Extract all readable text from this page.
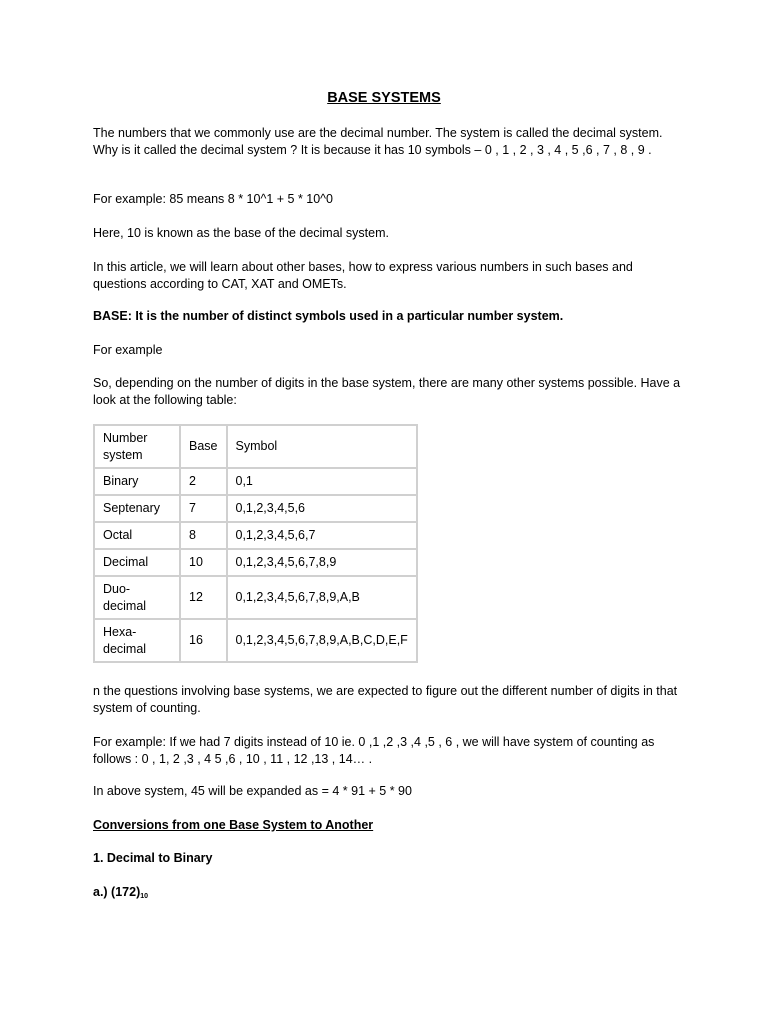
BASE SYSTEMS

The numbers that we commonly use are the decimal number. The system is called the decimal system. Why is it called the decimal system ? It is because it has 10 symbols – 0 , 1 , 2 , 3 , 4 , 5 ,6 , 7 , 8 , 9 .

For example: 85 means 8 * 10^1 + 5 * 10^0

Here, 10 is known as the base of the decimal system.

In this article, we will learn about other bases, how to express various numbers in such bases and questions according to CAT, XAT and OMETs.

BASE: It is the number of distinct symbols used in a particular number system.

For example

So, depending on the number of digits in the base system, there are many other systems possible. Have a look at the following table:

Number system	Base	Symbol
Binary	2	0,1
Septenary	7	0,1,2,3,4,5,6
Octal	8	0,1,2,3,4,5,6,7
Decimal	10	0,1,2,3,4,5,6,7,8,9
Duo-decimal	12	0,1,2,3,4,5,6,7,8,9,A,B
Hexa-decimal	16	0,1,2,3,4,5,6,7,8,9,A,B,C,D,E,F

n the questions involving base systems, we are expected to figure out the different number of digits in that system of counting.

For example: If we had 7 digits instead of 10 ie. 0 ,1 ,2 ,3 ,4 ,5 , 6 , we will have system of counting as follows : 0 , 1, 2 ,3 , 4 5 ,6 , 10 , 11 , 12 ,13 , 14… .

In above system, 45 will be expanded as = 4 * 91 + 5 * 90

Conversions from one Base System to Another

1. Decimal to Binary

a.) $(172)_{10}$
